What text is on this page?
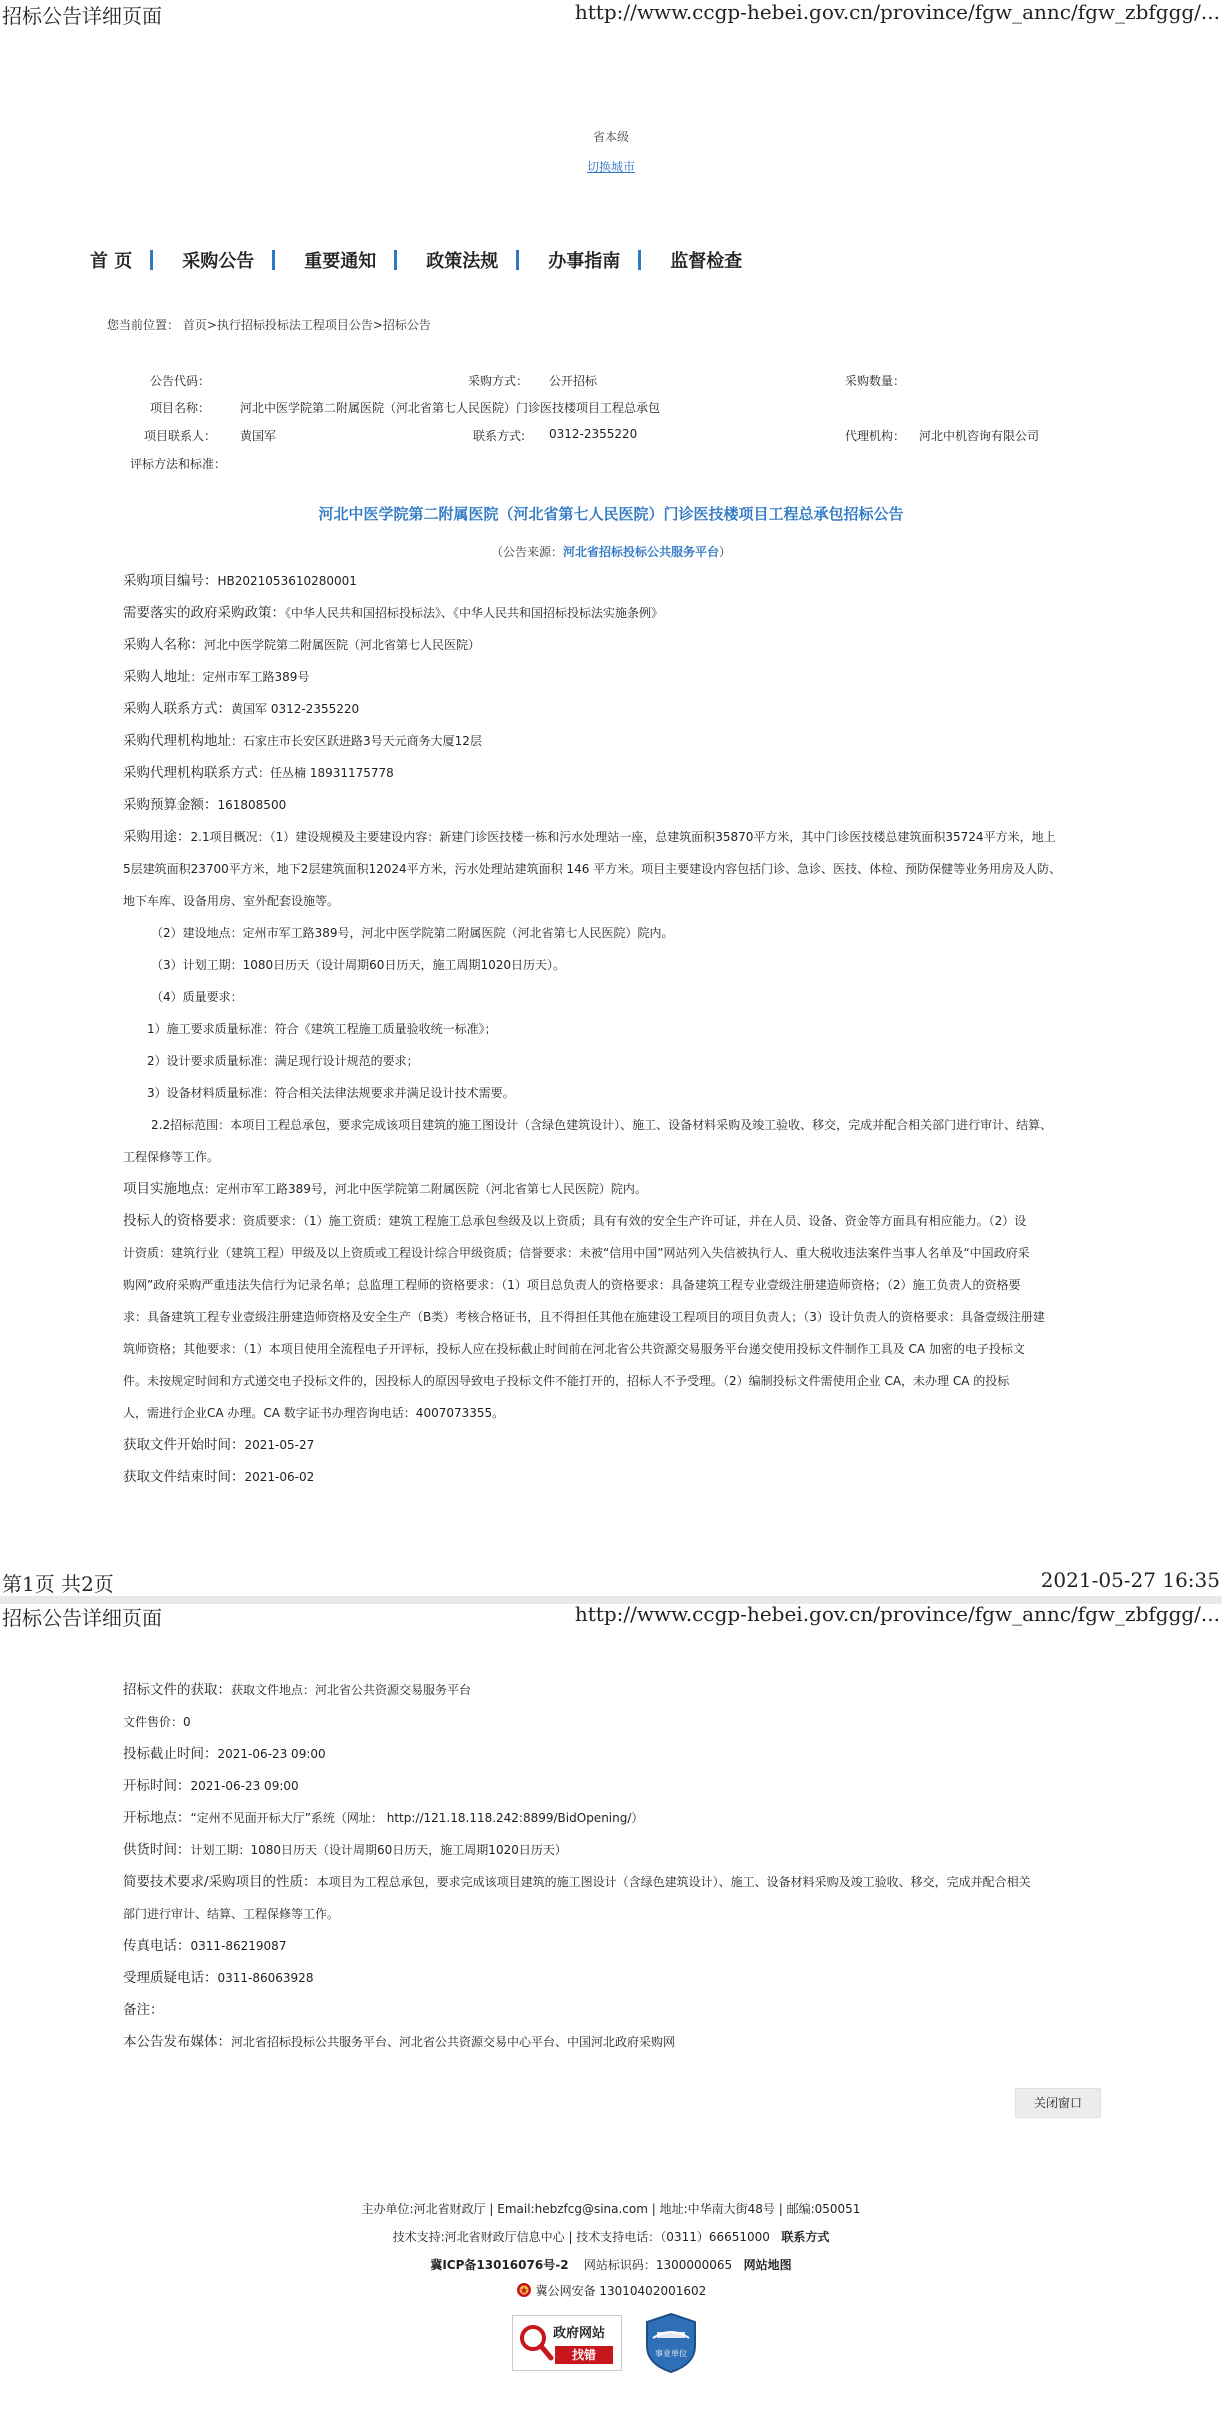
招标公告详细页面	http://www.ccgp-hebei.gov.cn/province/fgw_annc/fgw_zbfggg/...
省本级
切换城市
首 页	采购公告	重要通知	政策法规	办事指南	监督检查
您当前位置： 首页>执行招标投标法工程项目公告>招标公告
公告代码：	采购方式： 公开招标	采购数量：
项目名称： 河北中医学院第二附属医院（河北省第七人民医院）门诊医技楼项目工程总承包
项目联系人： 黄国军	联系方式: 0312-2355220	代理机构： 河北中机咨询有限公司
评标方法和标准：
河北中医学院第二附属医院（河北省第七人民医院）门诊医技楼项目工程总承包招标公告
（公告来源：河北省招标投标公共服务平台）

采购项目编号：HB2021053610280001

需要落实的政府采购政策：《中华人民共和国招标投标法》、《中华人民共和国招标投标法实施条例》

采购人名称：河北中医学院第二附属医院（河北省第七人民医院）

采购人地址：定州市军工路389号

采购人联系方式：黄国军 0312-2355220

采购代理机构地址：石家庄市长安区跃进路3号天元商务大厦12层

采购代理机构联系方式：任丛楠 18931175778

采购预算金额：161808500

采购用途：2.1项目概况：（1）建设规模及主要建设内容：新建门诊医技楼一栋和污水处理站一座，总建筑面积35870平方米，其中门诊医技楼总建筑面积35724平方米，地上

5层建筑面积23700平方米，地下2层建筑面积12024平方米，污水处理站建筑面积 146 平方米。项目主要建设内容包括门诊、急诊、医技、体检、预防保健等业务用房及人防、

地下车库、设备用房、室外配套设施等。

（2）建设地点：定州市军工路389号，河北中医学院第二附属医院（河北省第七人民医院）院内。

（3）计划工期：1080日历天（设计周期60日历天，施工周期1020日历天）。

（4）质量要求：

1）施工要求质量标准：符合《建筑工程施工质量验收统一标准》；

2）设计要求质量标准：满足现行设计规范的要求；

3）设备材料质量标准：符合相关法律法规要求并满足设计技术需要。

2.2招标范围：本项目工程总承包，要求完成该项目建筑的施工图设计（含绿色建筑设计）、施工、设备材料采购及竣工验收、移交，完成并配合相关部门进行审计、结算、

工程保修等工作。

项目实施地点：定州市军工路389号，河北中医学院第二附属医院（河北省第七人民医院）院内。

投标人的资格要求：资质要求：（1）施工资质：建筑工程施工总承包叁级及以上资质；具有有效的安全生产许可证，并在人员、设备、资金等方面具有相应能力。（2）设

计资质：建筑行业（建筑工程）甲级及以上资质或工程设计综合甲级资质；信誉要求：未被“信用中国”网站列入失信被执行人、重大税收违法案件当事人名单及“中国政府采

购网”政府采购严重违法失信行为记录名单；总监理工程师的资格要求：（1）项目总负责人的资格要求：具备建筑工程专业壹级注册建造师资格；（2）施工负责人的资格要

求：具备建筑工程专业壹级注册建造师资格及安全生产（B类）考核合格证书，且不得担任其他在施建设工程项目的项目负责人；（3）设计负责人的资格要求：具备壹级注册建

筑师资格；其他要求：（1）本项目使用全流程电子开评标，投标人应在投标截止时间前在河北省公共资源交易服务平台递交使用投标文件制作工具及 CA 加密的电子投标文

件。未按规定时间和方式递交电子投标文件的，因投标人的原因导致电子投标文件不能打开的，招标人不予受理。（2）编制投标文件需使用企业 CA，未办理 CA 的投标

人，需进行企业CA 办理。CA 数字证书办理咨询电话：4007073355。

获取文件开始时间：2021-05-27

获取文件结束时间：2021-06-02

第1页 共2页	2021-05-27 16:35
招标公告详细页面	http://www.ccgp-hebei.gov.cn/province/fgw_annc/fgw_zbfggg/...

招标文件的获取：获取文件地点：河北省公共资源交易服务平台

文件售价：0

投标截止时间：2021-06-23 09:00

开标时间：2021-06-23 09:00

开标地点：“定州不见面开标大厅”系统（网址： http://121.18.118.242:8899/BidOpening/）

供货时间：计划工期：1080日历天（设计周期60日历天，施工周期1020日历天）

简要技术要求/采购项目的性质：本项目为工程总承包，要求完成该项目建筑的施工图设计（含绿色建筑设计）、施工、设备材料采购及竣工验收、移交，完成并配合相关

部门进行审计、结算、工程保修等工作。

传真电话：0311-86219087

受理质疑电话：0311-86063928

备注：

本公告发布媒体：河北省招标投标公共服务平台、河北省公共资源交易中心平台、中国河北政府采购网

关闭窗口
主办单位:河北省财政厅 | Email:hebzfcg@sina.com | 地址:中华南大街48号 | 邮编:050051
技术支持:河北省财政厅信息中心 | 技术支持电话：（0311）66651000 联系方式
冀ICP备13016076号-2 网站标识码：1300000065 网站地图
冀公网安备 13010402001602
政府网站
找错	事业单位
